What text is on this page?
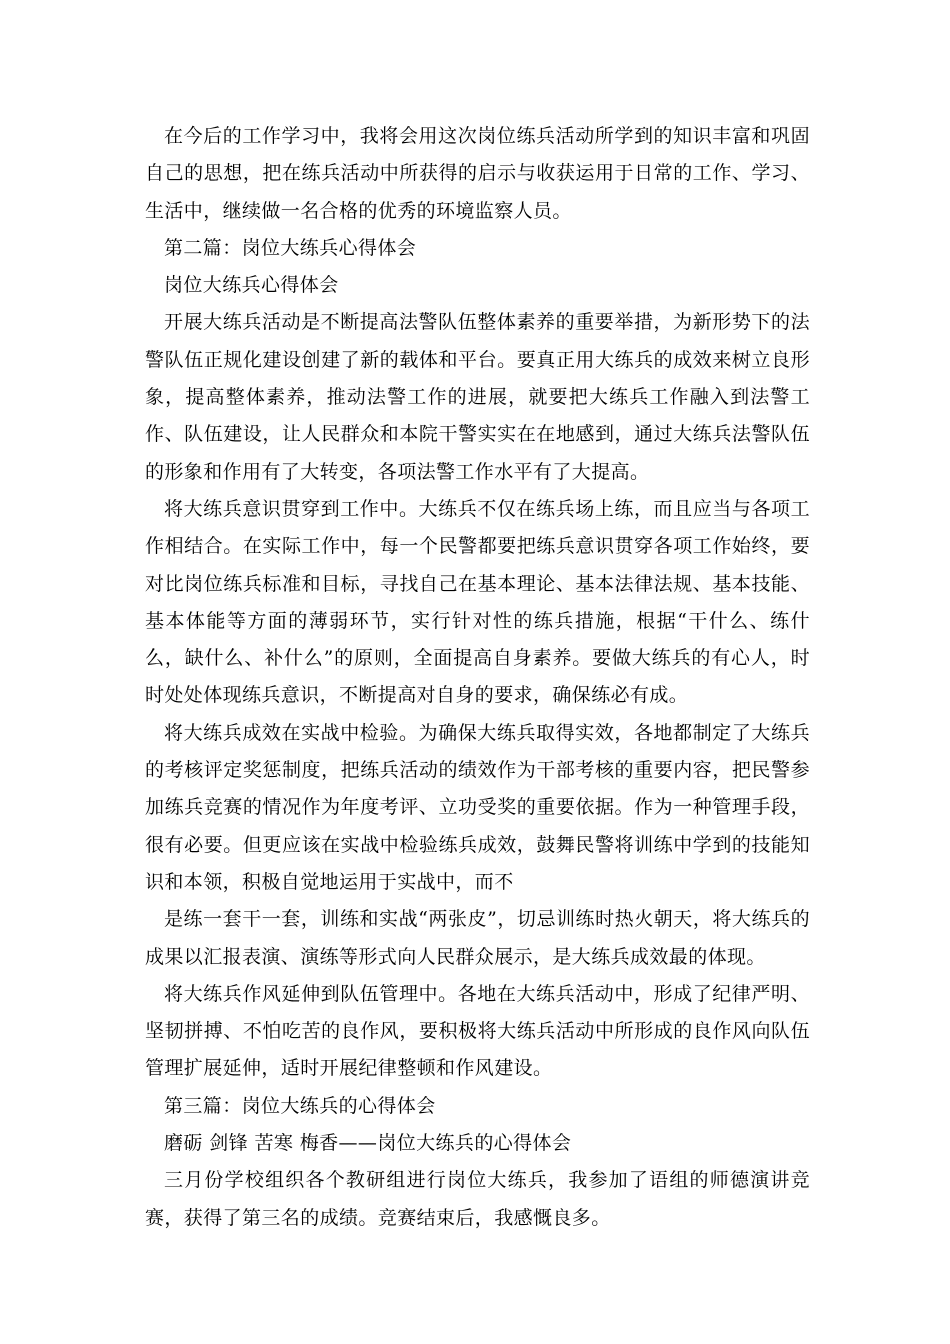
在今后的工作学习中，我将会用这次岗位练兵活动所学到的知识丰富和巩固自己的思想，把在练兵活动中所获得的启示与收获运用于日常的工作、学习、生活中，继续做一名合格的优秀的环境监察人员。

第二篇：岗位大练兵心得体会

岗位大练兵心得体会

开展大练兵活动是不断提高法警队伍整体素养的重要举措，为新形势下的法警队伍正规化建设创建了新的载体和平台。要真正用大练兵的成效来树立良形象，提高整体素养，推动法警工作的进展，就要把大练兵工作融入到法警工作、队伍建设，让人民群众和本院干警实实在在地感到，通过大练兵法警队伍的形象和作用有了大转变，各项法警工作水平有了大提高。

将大练兵意识贯穿到工作中。大练兵不仅在练兵场上练，而且应当与各项工作相结合。在实际工作中，每一个民警都要把练兵意识贯穿各项工作始终，要对比岗位练兵标准和目标，寻找自己在基本理论、基本法律法规、基本技能、基本体能等方面的薄弱环节，实行针对性的练兵措施，根据“干什么、练什么，缺什么、补什么”的原则，全面提高自身素养。要做大练兵的有心人，时时处处体现练兵意识，不断提高对自身的要求，确保练必有成。

将大练兵成效在实战中检验。为确保大练兵取得实效，各地都制定了大练兵的考核评定奖惩制度，把练兵活动的绩效作为干部考核的重要内容，把民警参加练兵竞赛的情况作为年度考评、立功受奖的重要依据。作为一种管理手段，很有必要。但更应该在实战中检验练兵成效，鼓舞民警将训练中学到的技能知识和本领，积极自觉地运用于实战中，而不

是练一套干一套，训练和实战“两张皮”，切忌训练时热火朝天，将大练兵的成果以汇报表演、演练等形式向人民群众展示，是大练兵成效最的体现。

将大练兵作风延伸到队伍管理中。各地在大练兵活动中，形成了纪律严明、坚韧拼搏、不怕吃苦的良作风，要积极将大练兵活动中所形成的良作风向队伍管理扩展延伸，适时开展纪律整顿和作风建设。

第三篇：岗位大练兵的心得体会

磨砺 剑锋 苦寒 梅香——岗位大练兵的心得体会

三月份学校组织各个教研组进行岗位大练兵，我参加了语组的师德演讲竞赛，获得了第三名的成绩。竞赛结束后，我感慨良多。
